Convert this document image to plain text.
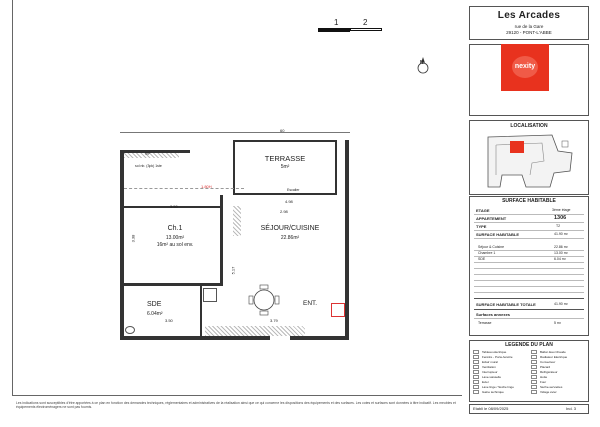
1	2
Les Arcades
rue de la Gare
29120 - PONT-L'ABBE
nexity
N
60
TERRASSE
5m²
Escalier
ggl
sol nb. (3pk) 1ste
1.80H
Ch.1
13.00m²
16m² au sol env.
3.50
3.38
SÉJOUR/CUISINE
22.86m²
2.98
4.98
3.79
5.17
ENT.
SDE
6.04m²
3.50
LOCALISATION
SURFACE HABITABLE
ETAGE	3ème étage
APPARTEMENT	1306
TYPE	T2
SURFACE HABITABLE	41.90 m²
Séjour & Cuisine	22.86 m²
Chambre 1	13.00 m²
SDE	6.04 m²
SURFACE HABITABLE TOTALE	41.90 m²
Surfaces annexes
Terrasse	5 m²
LEGENDE DU PLAN
Tableau électrique
Fenêtre - Porte-fenêtre
Eclair mural
Ventilation
Interrupteur
Lave-vaisselle
Evier
Lave linge / Sèche linge
Gaine technique
Ballon Eau Chaude
Radiateur Electrique
Convecteur
Placard
Réfrigérateur
Hotte
Four
Sèche-serviettes
Vidage évier
Les indications sont susceptibles d'être apportées à ce plan en fonction des demandes techniques, réglementaires et administratives de la réalisation ainsi que ce qui concerne les dispositions des équipements et des surfaces. Les cotes et surfaces sont données à titre indicatif. Les meubles et équipements électroménagers ne sont pas fournis.	Etabli le 08/09/2025	Ind. 3
